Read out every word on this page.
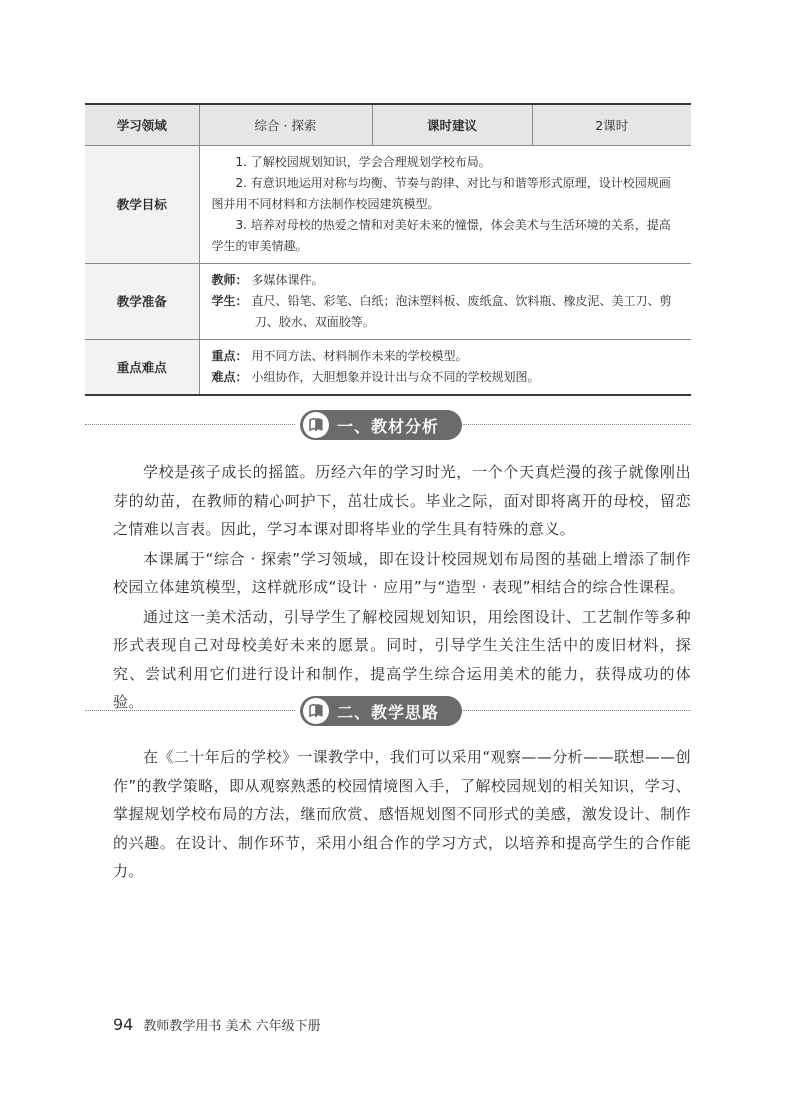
学习领域	综合 · 探索	课时建议	2课时
教学目标	1. 了解校园规划知识，学会合理规划学校布局。
2. 有意识地运用对称与均衡、节奏与韵律、对比与和谐等形式原理，设计校园规画图并用不同材料和方法制作校园建筑模型。
3. 培养对母校的热爱之情和对美好未来的憧憬，体会美术与生活环境的关系，提高学生的审美情趣。		

教学准备	教师： 多媒体课件。
学生： 直尺、铅笔、彩笔、白纸；泡沫塑料板、废纸盒、饮料瓶、橡皮泥、美工刀、剪刀、胶水、双面胶等。		

重点难点	重点： 用不同方法、材料制作未来的学校模型。
难点： 小组协作，大胆想象并设计出与众不同的学校规划图。		
一、教材分析

学校是孩子成长的摇篮。历经六年的学习时光，一个个天真烂漫的孩子就像刚出芽的幼苗，在教师的精心呵护下，茁壮成长。毕业之际，面对即将离开的母校，留恋之情难以言表。因此，学习本课对即将毕业的学生具有特殊的意义。

本课属于“综合 · 探索”学习领域，即在设计校园规划布局图的基础上增添了制作校园立体建筑模型，这样就形成“设计 · 应用”与“造型 · 表现”相结合的综合性课程。

通过这一美术活动，引导学生了解校园规划知识，用绘图设计、工艺制作等多种形式表现自己对母校美好未来的愿景。同时，引导学生关注生活中的废旧材料，探究、尝试利用它们进行设计和制作，提高学生综合运用美术的能力，获得成功的体验。

二、教学思路

在《二十年后的学校》一课教学中，我们可以采用“观察——分析——联想——创作”的教学策略，即从观察熟悉的校园情境图入手，了解校园规划的相关知识，学习、掌握规划学校布局的方法，继而欣赏、感悟规划图不同形式的美感，激发设计、制作的兴趣。在设计、制作环节，采用小组合作的学习方式，以培养和提高学生的合作能力。

94 教师教学用书 美术 六年级下册
